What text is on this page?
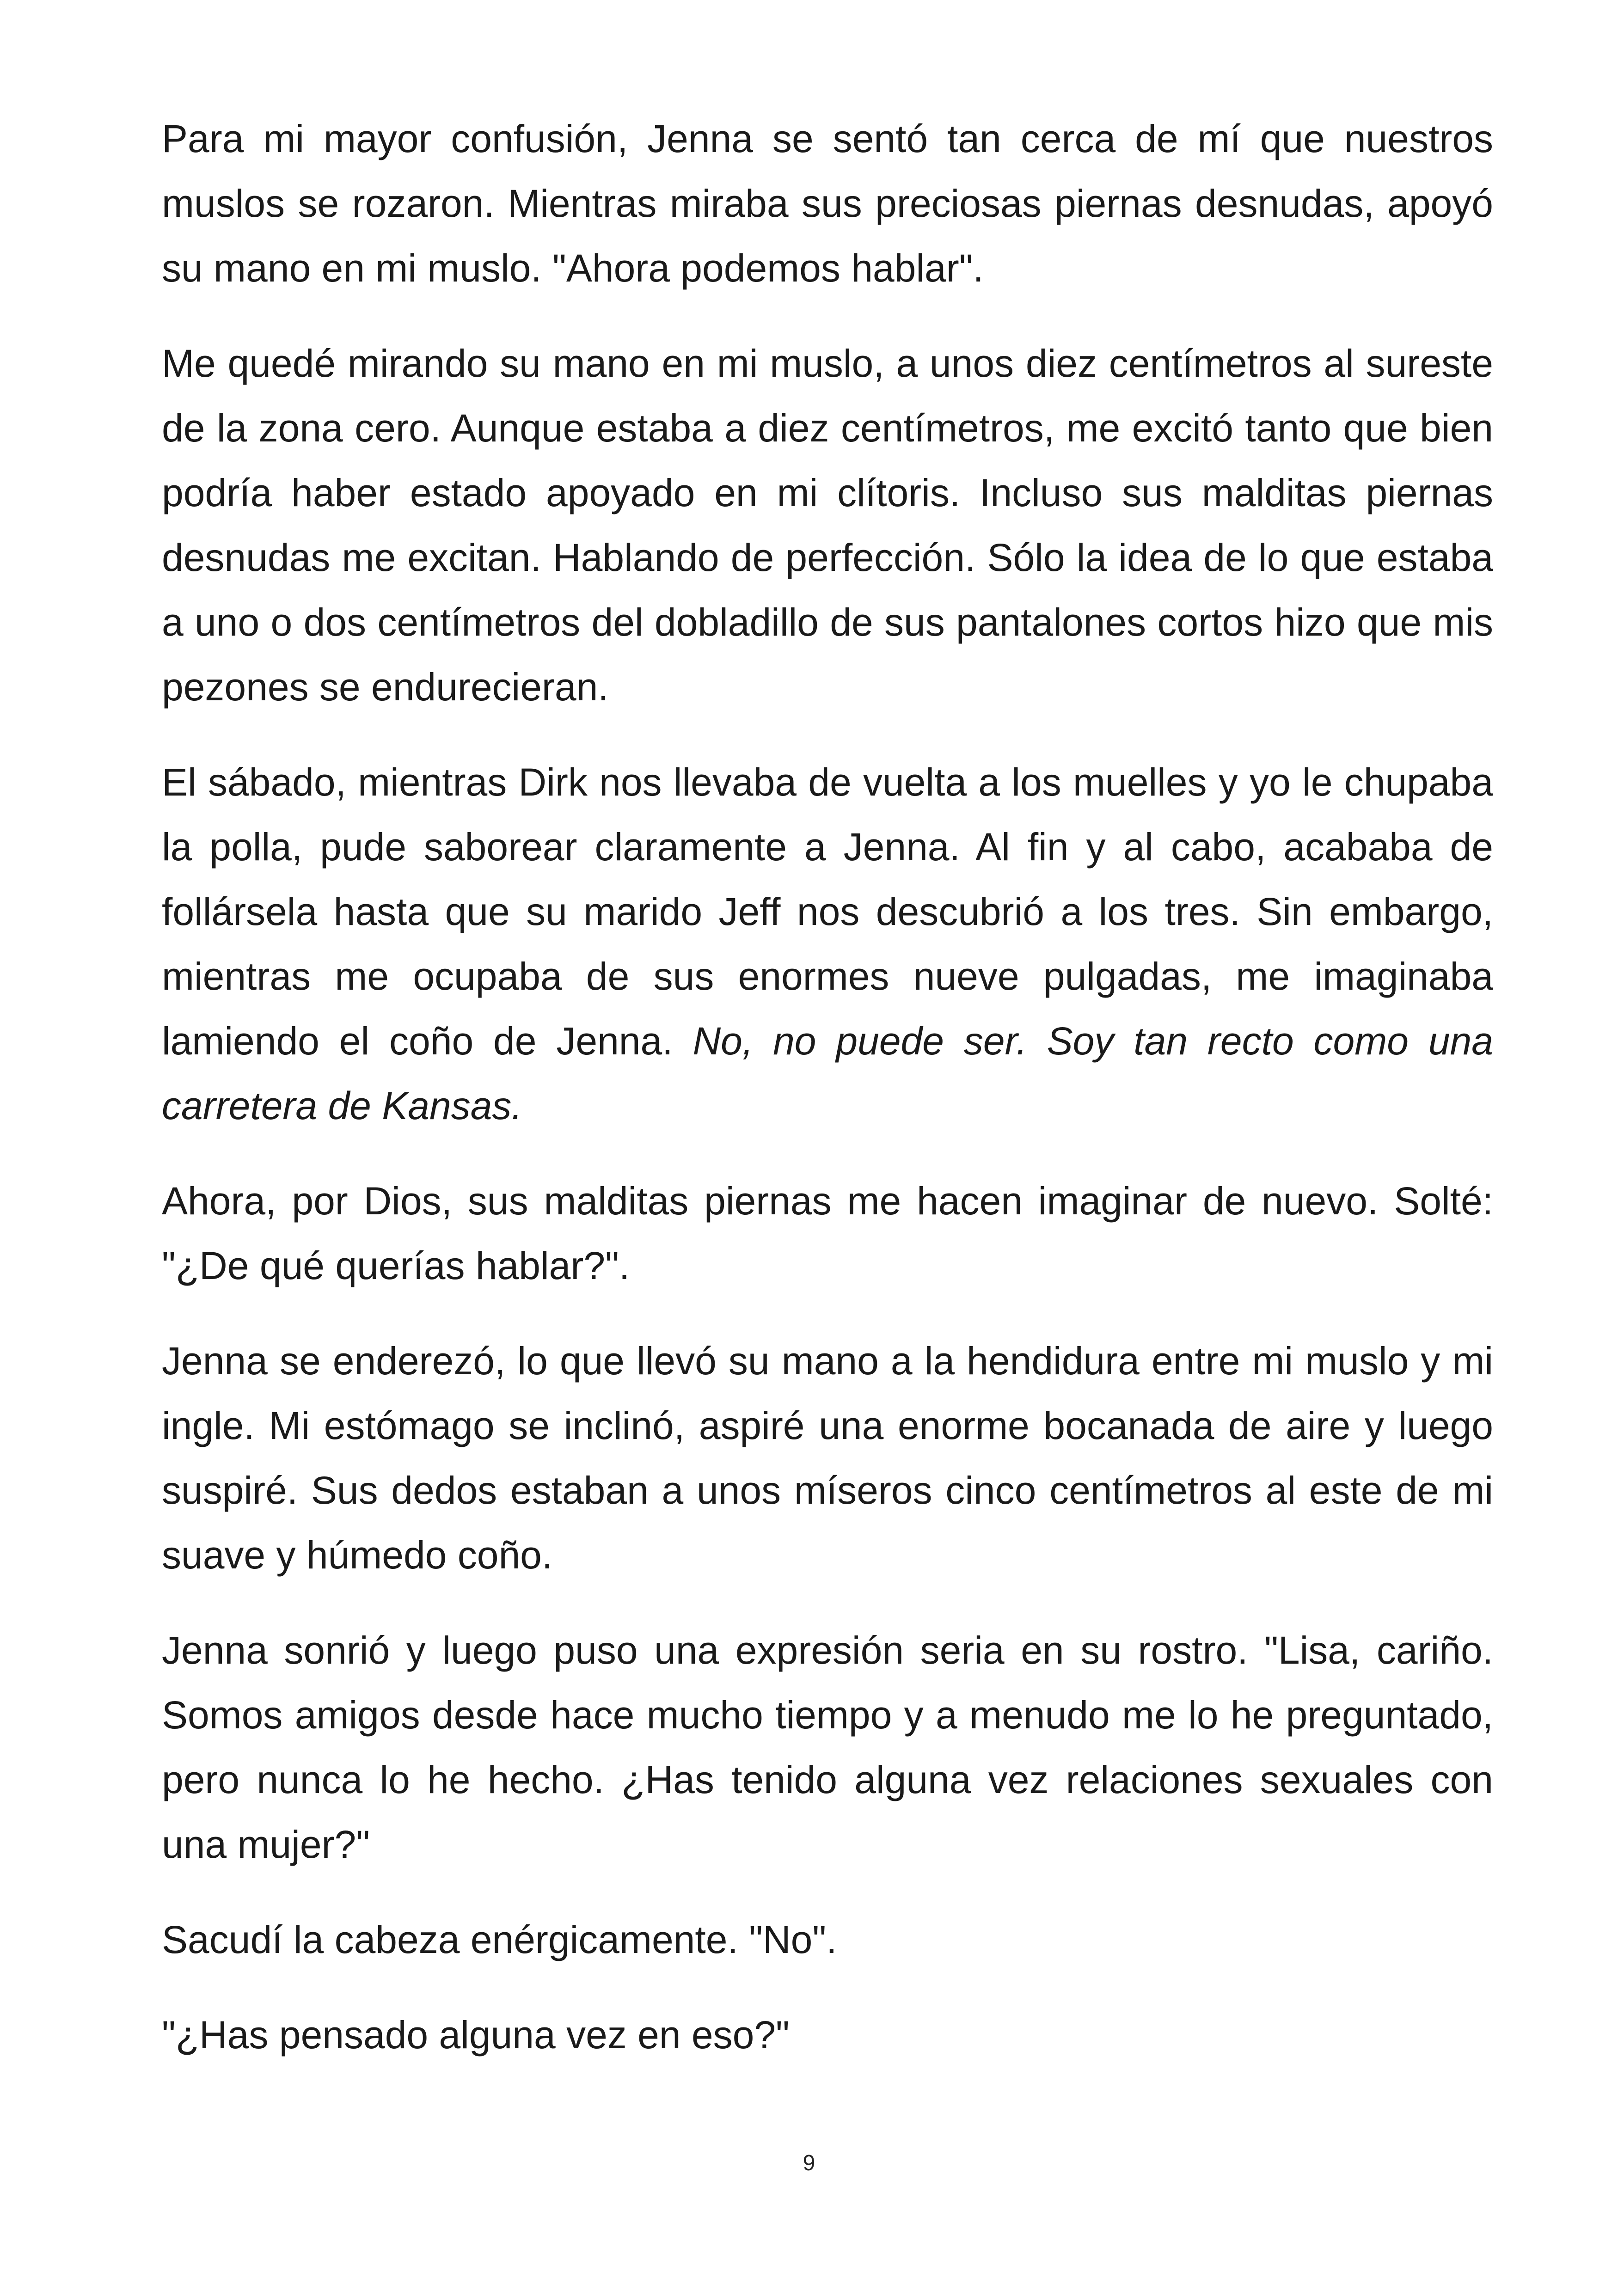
Para mi mayor confusión, Jenna se sentó tan cerca de mí que nuestros muslos se rozaron. Mientras miraba sus preciosas piernas desnudas, apoyó su mano en mi muslo. "Ahora podemos hablar".

Me quedé mirando su mano en mi muslo, a unos diez centímetros al sureste de la zona cero. Aunque estaba a diez centímetros, me excitó tanto que bien podría haber estado apoyado en mi clítoris. Incluso sus malditas piernas desnudas me excitan. Hablando de perfección. Sólo la idea de lo que estaba a uno o dos centímetros del dobladillo de sus pantalones cortos hizo que mis pezones se endurecieran.

El sábado, mientras Dirk nos llevaba de vuelta a los muelles y yo le chupaba la polla, pude saborear claramente a Jenna. Al fin y al cabo, acababa de follársela hasta que su marido Jeff nos descubrió a los tres. Sin embargo, mientras me ocupaba de sus enormes nueve pulgadas, me imaginaba lamiendo el coño de Jenna. No, no puede ser. Soy tan recto como una carretera de Kansas.

Ahora, por Dios, sus malditas piernas me hacen imaginar de nuevo. Solté: "¿De qué querías hablar?".

Jenna se enderezó, lo que llevó su mano a la hendidura entre mi muslo y mi ingle. Mi estómago se inclinó, aspiré una enorme bocanada de aire y luego suspiré. Sus dedos estaban a unos míseros cinco centímetros al este de mi suave y húmedo coño.

Jenna sonrió y luego puso una expresión seria en su rostro. "Lisa, cariño. Somos amigos desde hace mucho tiempo y a menudo me lo he preguntado, pero nunca lo he hecho. ¿Has tenido alguna vez relaciones sexuales con una mujer?"

Sacudí la cabeza enérgicamente. "No".

"¿Has pensado alguna vez en eso?"

9
